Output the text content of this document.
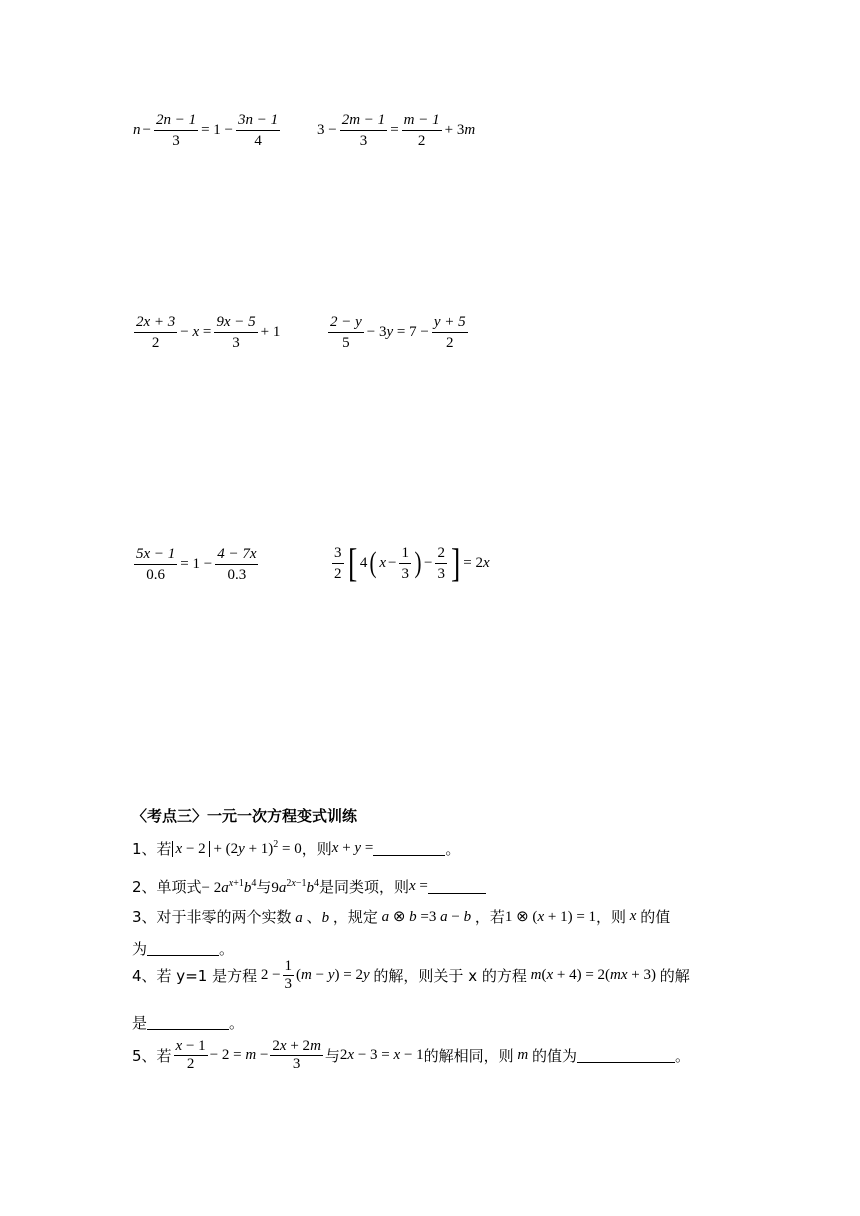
$n - \frac{2n - 1}{3} = 1 - \frac{3n - 1}{4} 3 - \frac{2m - 1}{3} = \frac{m - 1}{2} + 3m$
$\frac{2x + 3}{2} - x = \frac{9x - 5}{3} + 1$	$\frac{2 - y}{5} - 3y = 7 - \frac{y + 5}{2}$
$\frac{5x - 1}{0.6} = 1 - \frac{4 - 7x}{0.3}$	$\frac{3}{2}$ [ 4 ( $x - \frac{1}{3}$ ) − $\frac{2}{3}$ ] = 2x
〈考点三〉一元一次方程变式训练
1、若 $x - 2 + (2y + 1)^2 = 0$ ，则 x + y =	。
2、单项式 − $2a^{x+1}b^4$与$9a^{2x-1}b^4$ 是同类项，则 x =
3、对于非零的两个实数 a 、b ，规定 a ⊗ b =3 a − b ，若 1 ⊗ (x + 1) = 1 ，则 x 的值
为	。
4、若 y=1 是方程 $2 - \frac{1}{3} (m - y) = 2y$ 的解，则关于 x 的方程 m(x + 4) = 2(mx + 3) 的解
是	。
5、若 $\frac{x - 1}{2} - 2 = m - \frac{2x + 2m}{3}$ 与 2x − 3 = x − 1 的解相同，则 m 的值为	。
